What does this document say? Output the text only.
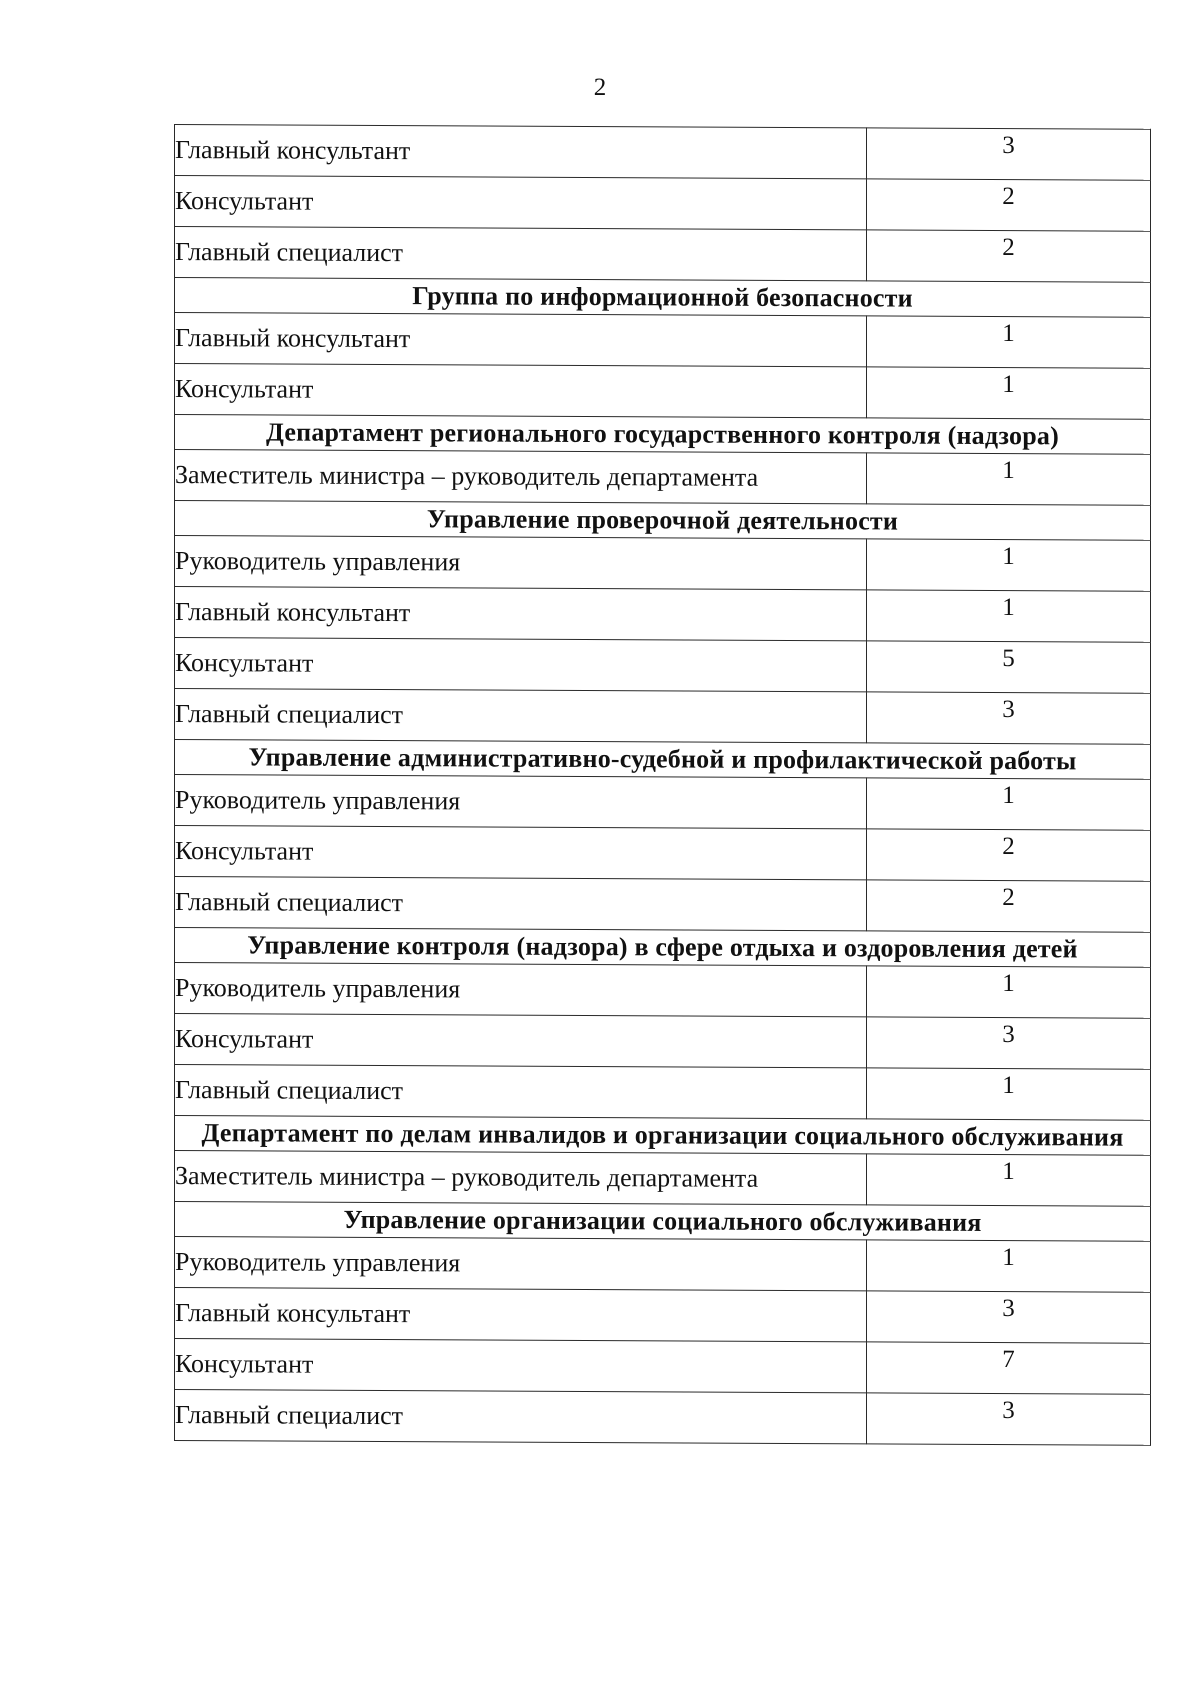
2
Главный консультант	3
Консультант	2
Главный специалист	2
Группа по информационной безопасности	
Главный консультант	1
Консультант	1
Департамент регионального государственного контроля (надзора)	
Заместитель министра – руководитель департамента	1
Управление проверочной деятельности	
Руководитель управления	1
Главный консультант	1
Консультант	5
Главный специалист	3
Управление административно-судебной и профилактической работы	
Руководитель управления	1
Консультант	2
Главный специалист	2
Управление контроля (надзора) в сфере отдыха и оздоровления детей	
Руководитель управления	1
Консультант	3
Главный специалист	1
Департамент по делам инвалидов и организации социального обслуживания	
Заместитель министра – руководитель департамента	1
Управление организации социального обслуживания	
Руководитель управления	1
Главный консультант	3
Консультант	7
Главный специалист	3
